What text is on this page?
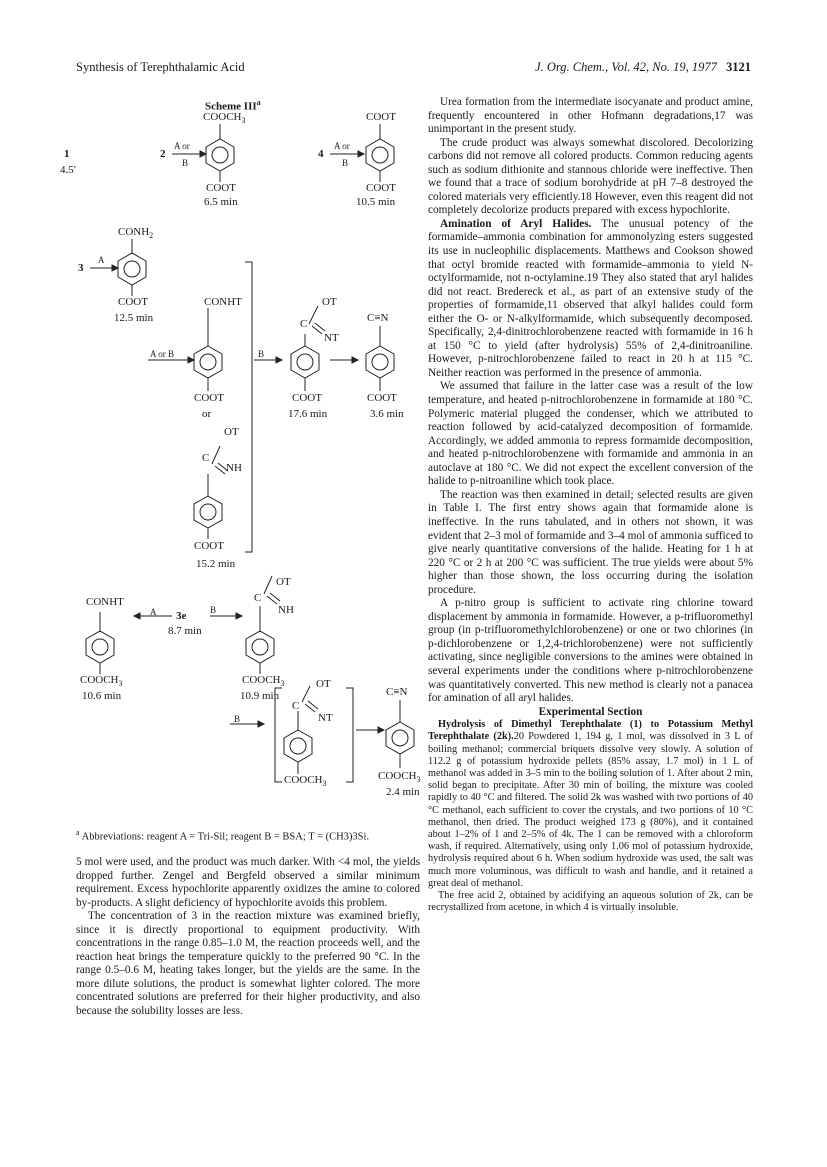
Synthesis of Terephthalamic Acid	J. Org. Chem., Vol. 42, No. 19, 1977 3121
Scheme III$^a$
$COOCH_3$
1
4.5′
2
A or
B
COOT
6.5 min
COOT
4
A or
B
COOT
10.5 min
$CONH_2$
3
A
COOT
12.5 min
CONHT
A or B
COOT
or
B
OT
C
NT
COOT
17.6 min
C≡N
COOT
3.6 min
OT
C
NH
COOT
15.2 min
CONHT
A 3e
8.7 min
B
$COOCH_3$
10.6 min
OT
C
NH
$COOCH_3$
10.9 min
OT
C
NT
B
$COOCH_3$
C≡N
$COOCH_3$
2.4 min
$^a$ Abbreviations: reagent A = Tri-Sil; reagent B = BSA; T = (CH3)3Si.

5 mol were used, and the product was much darker. With <4 mol, the yields dropped further. Zengel and Bergfeld observed a similar minimum requirement. Excess hypochlorite apparently oxidizes the amine to colored by-products. A slight deficiency of hypochlorite avoids this problem.

The concentration of 3 in the reaction mixture was examined briefly, since it is directly proportional to equipment productivity. With concentrations in the range 0.85–1.0 M, the reaction proceeds well, and the reaction heat brings the temperature quickly to the preferred 90 °C. In the range 0.5–0.6 M, heating takes longer, but the yields are the same. In the more dilute solutions, the product is somewhat lighter colored. The more concentrated solutions are preferred for their higher productivity, and also because the solubility losses are less.

Urea formation from the intermediate isocyanate and product amine, frequently encountered in other Hofmann degradations,17 was unimportant in the present study.

The crude product was always somewhat discolored. Decolorizing carbons did not remove all colored products. Common reducing agents such as sodium dithionite and stannous chloride were ineffective. Then we found that a trace of sodium borohydride at pH 7–8 destroyed the colored materials very efficiently.18 However, even this reagent did not completely decolorize products prepared with excess hypochlorite.

Amination of Aryl Halides. The unusual potency of the formamide–ammonia combination for ammonolyzing esters suggested its use in nucleophilic displacements. Matthews and Cookson showed that octyl bromide reacted with formamide–ammonia to yield N-octylformamide, not n-octylamine.19 They also stated that aryl halides did not react. Bredereck et al., as part of an extensive study of the properties of formamide,11 observed that alkyl halides could form either the O- or N-alkylformamide, which subsequently decomposed. Specifically, 2,4-dinitrochlorobenzene reacted with formamide in 16 h at 150 °C to yield (after hydrolysis) 55% of 2,4-dinitroaniline. However, p-nitrochlorobenzene failed to react in 20 h at 115 °C. Neither reaction was performed in the presence of ammonia.

We assumed that failure in the latter case was a result of the low temperature, and heated p-nitrochlorobenzene in formamide at 180 °C. Polymeric material plugged the condenser, which we attributed to reaction followed by acid-catalyzed decomposition of formamide. Accordingly, we added ammonia to repress formamide decomposition, and heated p-nitrochlorobenzene with formamide and ammonia in an autoclave at 180 °C. We did not expect the excellent conversion of the halide to p-nitroaniline which took place.

The reaction was then examined in detail; selected results are given in Table I. The first entry shows again that formamide alone is ineffective. In the runs tabulated, and in others not shown, it was evident that 2–3 mol of formamide and 3–4 mol of ammonia sufficed to give nearly quantitative conversions of the halide. Heating for 1 h at 220 °C or 2 h at 200 °C was sufficient. The true yields were about 5% higher than those shown, the loss occurring during the isolation procedure.

A p-nitro group is sufficient to activate ring chlorine toward displacement by ammonia in formamide. However, a p-trifluoromethyl group (in p-trifluoromethylchlorobenzene) or one or two chlorines (in p-dichlorobenzene or 1,2,4-trichlorobenzene) were not sufficiently activating, since negligible conversions to the amines were obtained in several experiments under the conditions where p-nitrochlorobenzene was quantitatively converted. This new method is clearly not a panacea for amination of all aryl halides.

Experimental Section

Hydrolysis of Dimethyl Terephthalate (1) to Potassium Methyl Terephthalate (2k).20 Powdered 1, 194 g, 1 mol, was dissolved in 3 L of boiling methanol; commercial briquets dissolve very slowly. A solution of 112.2 g of potassium hydroxide pellets (85% assay, 1.7 mol) in 1 L of methanol was added in 3–5 min to the boiling solution of 1. After about 2 min, solid began to precipitate. After 30 min of boiling, the mixture was cooled rapidly to 40 °C and filtered. The solid 2k was washed with two portions of 40 °C methanol, each sufficient to cover the crystals, and two portions of 10 °C methanol, then dried. The product weighed 173 g (80%), and it contained about 1–2% of 1 and 2–5% of 4k. The 1 can be removed with a chloroform wash, if required. Alternatively, using only 1.06 mol of potassium hydroxide, hydrolysis required about 6 h. When sodium hydroxide was used, the salt was much more voluminous, was difficult to wash and handle, and it retained a great deal of methanol.

The free acid 2, obtained by acidifying an aqueous solution of 2k, can be recrystallized from acetone, in which 4 is virtually insoluble.
